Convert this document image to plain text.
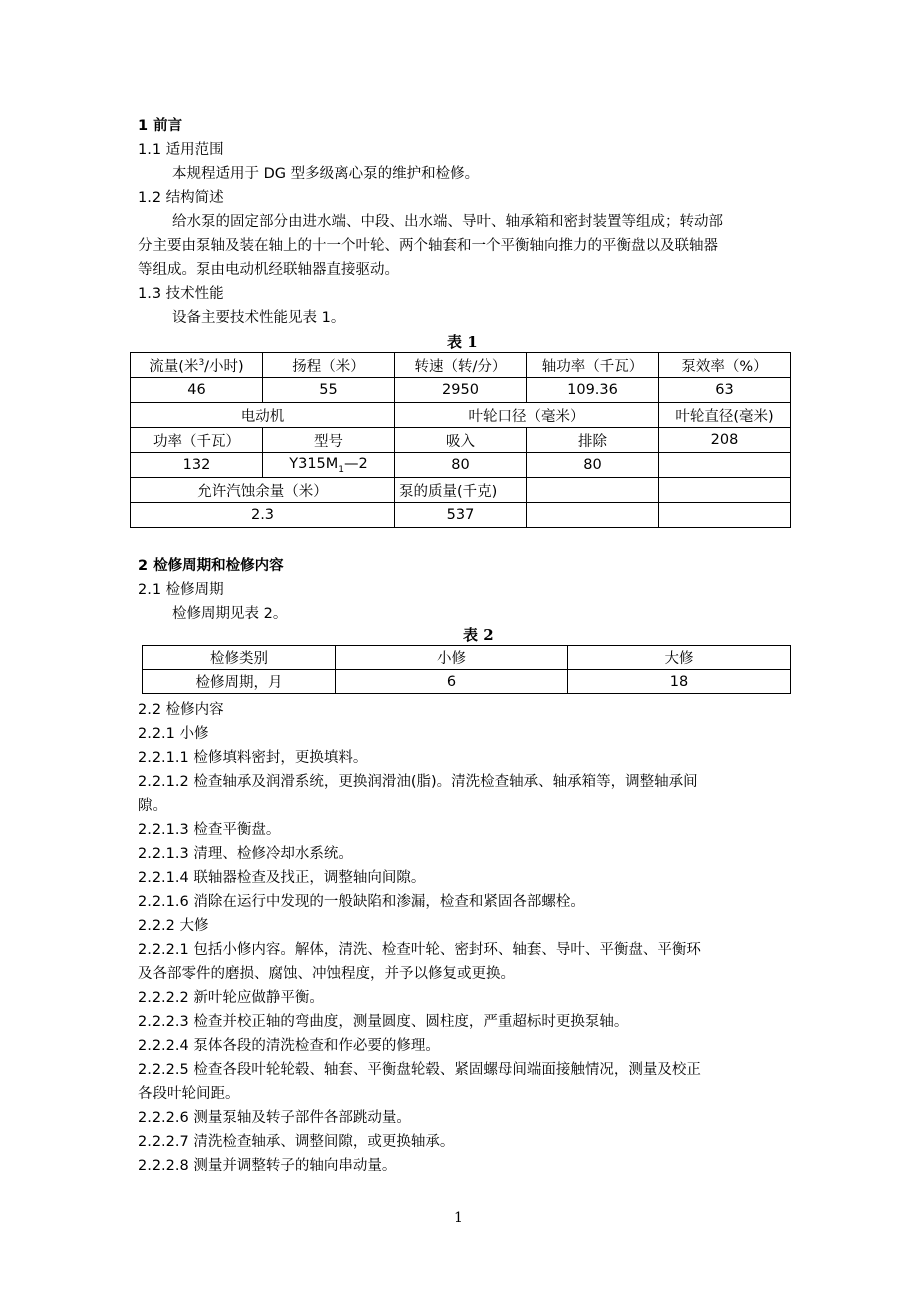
1 前言
1.1 适用范围
本规程适用于 DG 型多级离心泵的维护和检修。
1.2 结构简述
给水泵的固定部分由进水端、中段、出水端、导叶、轴承箱和密封装置等组成；转动部
分主要由泵轴及装在轴上的十一个叶轮、两个轴套和一个平衡轴向推力的平衡盘以及联轴器
等组成。泵由电动机经联轴器直接驱动。
1.3 技术性能
设备主要技术性能见表 1。
表 1
流量(米$^3$/小时)	扬程（米）	转速（转/分）	轴功率（千瓦）	泵效率（%）
46	55	2950	109.36	63
电动机		叶轮口径（毫米）		叶轮直径(毫米)
功率（千瓦）	型号	吸入	排除	208
132	$Y315M_1—2$	80	80	
允许汽蚀余量（米）		泵的质量(千克)		
2.3		537		
2 检修周期和检修内容
2.1 检修周期
检修周期见表 2。
表 2
检修类别	小修	大修
检修周期，月	6	18
2.2 检修内容
2.2.1 小修
2.2.1.1 检修填料密封，更换填料。
2.2.1.2 检查轴承及润滑系统，更换润滑油(脂)。清洗检查轴承、轴承箱等，调整轴承间
隙。
2.2.1.3 检查平衡盘。
2.2.1.3 清理、检修冷却水系统。
2.2.1.4 联轴器检查及找正，调整轴向间隙。
2.2.1.6 消除在运行中发现的一般缺陷和渗漏，检查和紧固各部螺栓。
2.2.2 大修
2.2.2.1 包括小修内容。解体，清洗、检查叶轮、密封环、轴套、导叶、平衡盘、平衡环
及各部零件的磨损、腐蚀、冲蚀程度，并予以修复或更换。
2.2.2.2 新叶轮应做静平衡。
2.2.2.3 检查并校正轴的弯曲度，测量圆度、圆柱度，严重超标时更换泵轴。
2.2.2.4 泵体各段的清洗检查和作必要的修理。
2.2.2.5 检查各段叶轮轮毂、轴套、平衡盘轮毂、紧固螺母间端面接触情况，测量及校正
各段叶轮间距。
2.2.2.6 测量泵轴及转子部件各部跳动量。
2.2.2.7 清洗检查轴承、调整间隙，或更换轴承。
2.2.2.8 测量并调整转子的轴向串动量。
1
